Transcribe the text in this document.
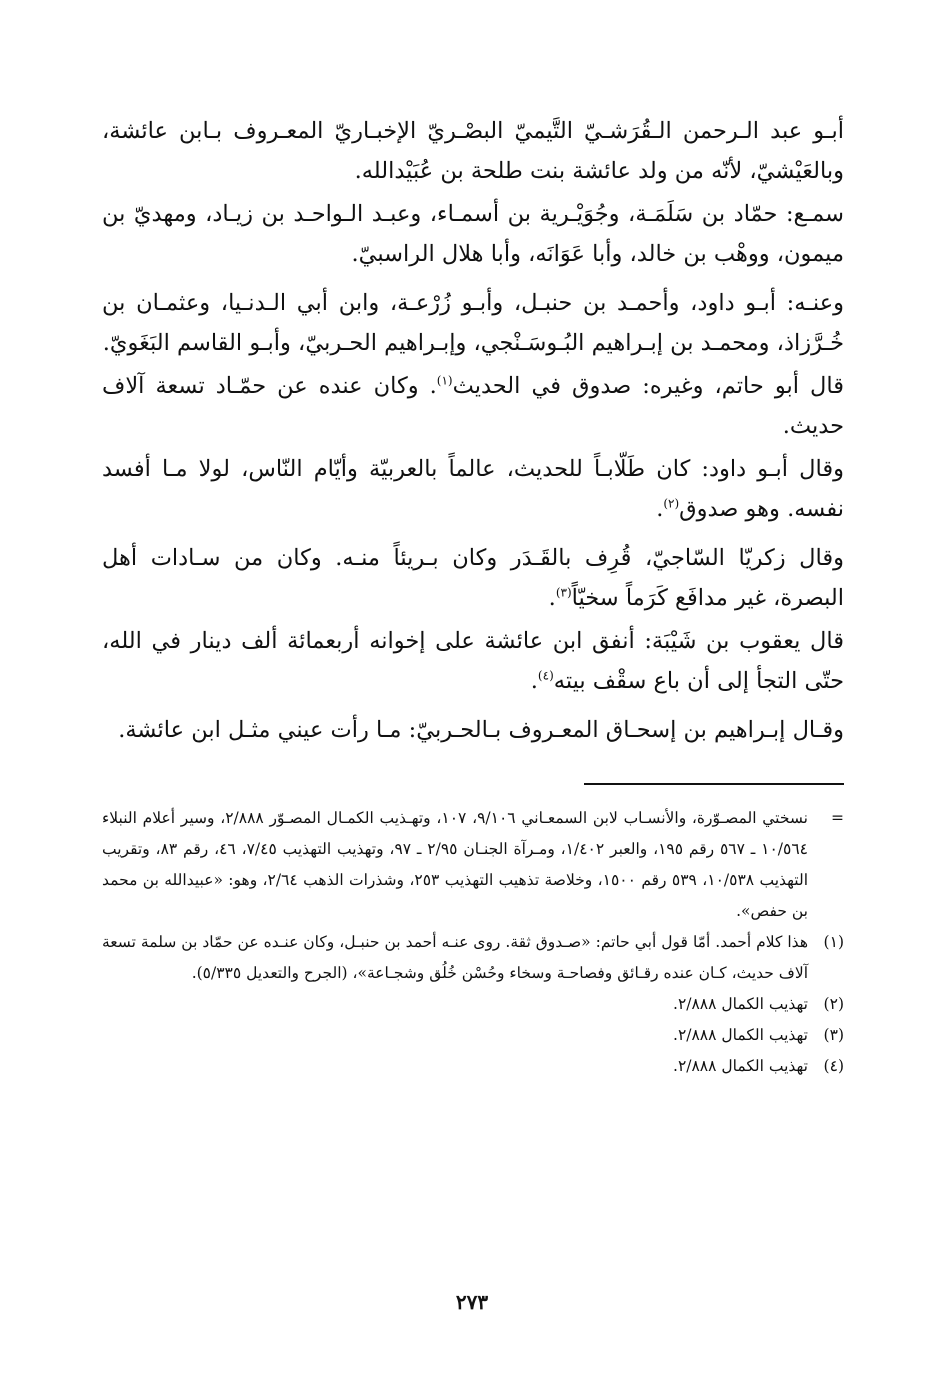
أبـو عبد الـرحمن الـقُرَشـيّ التَّيميّ البصْـريّ الإخبـاريّ المعـروف بـابن عائشة، وبالعَيْشيّ، لأنّه من ولد عائشة بنت طلحة بن عُبَيْدالله.

سمـع: حمّاد بن سَلَمَـة، وجُوَيْـرية بن أسمـاء، وعبـد الـواحـد بن زيـاد، ومهديّ بن ميمون، ووهْب بن خالد، وأبا عَوَانَه، وأبا هلال الراسبيّ.

وعنـه: أبـو داود، وأحمـد بن حنبـل، وأبـو زُرْعـة، وابن أبي الـدنـيا، وعثمـان بن خُـرَّزاذ، ومحمـد بن إبـراهيم البُـوسَـنْجي، وإبـراهيم الحـربيّ، وأبـو القاسم البَغَويّ.

قال أبو حاتم، وغيره: صدوق في الحديث$^{(١)}$. وكان عنده عن حمّـاد تسعة آلاف حديث.

وقال أبـو داود: كان طَلّابـاً للحديث، عالماً بالعربيّة وأيّام النّاس، لولا مـا أفسد نفسه. وهو صدوق$^{(٢)}$.

وقال زكريّا السّاجيّ، قُرِف بالقَـدَر وكان بـريئاً منـه. وكان من سـادات أهل البصرة، غير مدافَع كَرَماً سخيّاً$^{(٣)}$.

قال يعقوب بن شَيْبَة: أنفق ابن عائشة على إخوانه أربعمائة ألف دينار في الله، حتّى التجأ إلى أن باع سقْف بيته$^{(٤)}$.

وقـال إبـراهيم بن إسحـاق المعـروف بـالحـربيّ: مـا رأت عيني مثـل ابن عائشة.

=
نسختي المصـوّرة، والأنسـاب لابن السمعـاني ٩/١٠٦، ١٠٧، وتهـذيب الكمـال المصـوّر ٢/٨٨٨، وسير أعلام النبلاء ١٠/٥٦٤ ـ ٥٦٧ رقم ١٩٥، والعبر ١/٤٠٢، ومـرآة الجنـان ٢/٩٥ ـ ٩٧، وتهذيب التهذيب ٧/٤٥، ٤٦، رقم ٨٣، وتقريب التهذيب ١٠/٥٣٨، ٥٣٩ رقم ١٥٠٠، وخلاصة تذهيب التهذيب ٢٥٣، وشذرات الذهب ٢/٦٤، وهو: «عبيدالله بن محمد بن حفص».
(١)
هذا كلام أحمد. أمّا قول أبي حاتم: «صـدوق ثقة. روى عنـه أحمد بن حنبـل، وكان عنـده عن حمّاد بن سلمة تسعة آلاف حديث، كـان عنده رقـائق وفصاحـة وسخاء وحُسْن خُلُق وشجـاعة»، (الجرح والتعديل ٥/٣٣٥).
(٢)
تهذيب الكمال ٢/٨٨٨.
(٣)
تهذيب الكمال ٢/٨٨٨.
(٤)
تهذيب الكمال ٢/٨٨٨.
٢٧٣
